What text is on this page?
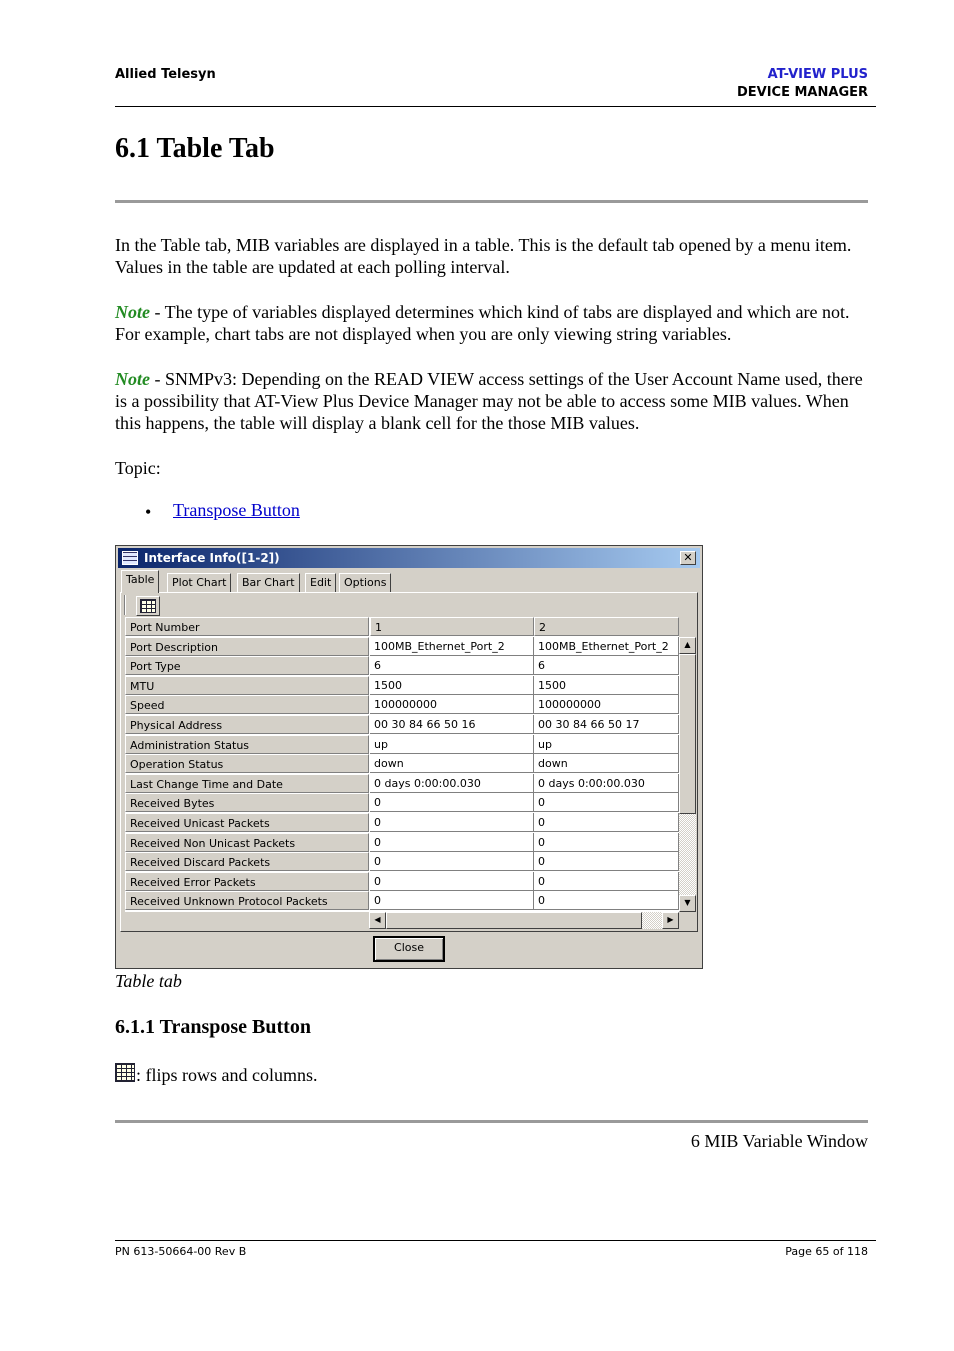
Allied Telesyn	AT-VIEW PLUS
DEVICE MANAGER
6.1 Table Tab
In the Table tab, MIB variables are displayed in a table. This is the default tab opened by a menu item. Values in the table are updated at each polling interval.
Note - The type of variables displayed determines which kind of tabs are displayed and which are not. For example, chart tabs are not displayed when you are only viewing string variables.
Note - SNMPv3: Depending on the READ VIEW access settings of the User Account Name used, there is a possibility that AT-View Plus Device Manager may not be able to access some MIB values. When this happens, the table will display a blank cell for the those MIB values.
Topic:
• Transpose Button
Interface Info([1-2])	✕
Table	Plot Chart	Bar Chart	Edit	Options
Port Number	1	2
Port Description	100MB_Ethernet_Port_2	100MB_Ethernet_Port_2
Port Type	6	6
MTU	1500	1500
Speed	100000000	100000000
Physical Address	00 30 84 66 50 16	00 30 84 66 50 17
Administration Status	up	up
Operation Status	down	down
Last Change Time and Date	0 days 0:00:00.030	0 days 0:00:00.030
Received Bytes	0	0
Received Unicast Packets	0	0
Received Non Unicast Packets	0	0
Received Discard Packets	0	0
Received Error Packets	0	0
Received Unknown Protocol Packets	0	0
▲
▼
◀	▶
Close
Table tab
6.1.1 Transpose Button
: flips rows and columns.
6 MIB Variable Window
PN 613-50664-00 Rev B	Page 65 of 118
